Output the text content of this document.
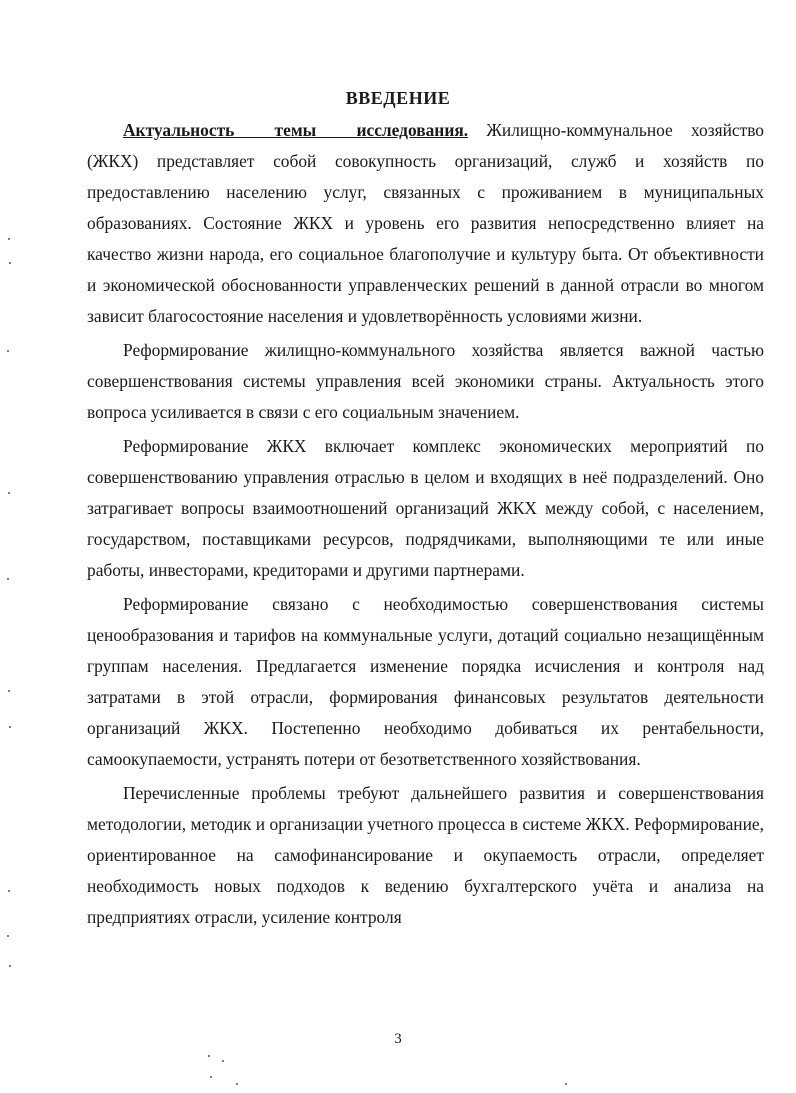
ВВЕДЕНИЕ

Актуальность темы исследования. Жилищно-коммунальное хозяйство (ЖКХ) представляет собой совокупность организаций, служб и хозяйств по предоставлению населению услуг, связанных с проживанием в муниципальных образованиях. Состояние ЖКХ и уровень его развития непосредственно влияет на качество жизни народа, его социальное благополучие и культуру быта. От объективности и экономической обоснованности управленческих решений в данной отрасли во многом зависит благосостояние населения и удовлетворённость условиями жизни.

Реформирование жилищно-коммунального хозяйства является важной частью совершенствования системы управления всей экономики страны. Актуальность этого вопроса усиливается в связи с его социальным значением.

Реформирование ЖКХ включает комплекс экономических мероприятий по совершенствованию управления отраслью в целом и входящих в неё подразделений. Оно затрагивает вопросы взаимоотношений организаций ЖКХ между собой, с населением, государством, поставщиками ресурсов, подрядчиками, выполняющими те или иные работы, инвесторами, кредиторами и другими партнерами.

Реформирование связано с необходимостью совершенствования системы ценообразования и тарифов на коммунальные услуги, дотаций социально незащищённым группам населения. Предлагается изменение порядка исчисления и контроля над затратами в этой отрасли, формирования финансовых результатов деятельности организаций ЖКХ. Постепенно необходимо добиваться их рентабельности, самоокупаемости, устранять потери от безответственного хозяйствования.

Перечисленные проблемы требуют дальнейшего развития и совершенствования методологии, методик и организации учетного процесса в системе ЖКХ. Реформирование, ориентированное на самофинансирование и окупаемость отрасли, определяет необходимость новых подходов к ведению бухгалтерского учёта и анализа на предприятиях отрасли, усиление контроля

3
